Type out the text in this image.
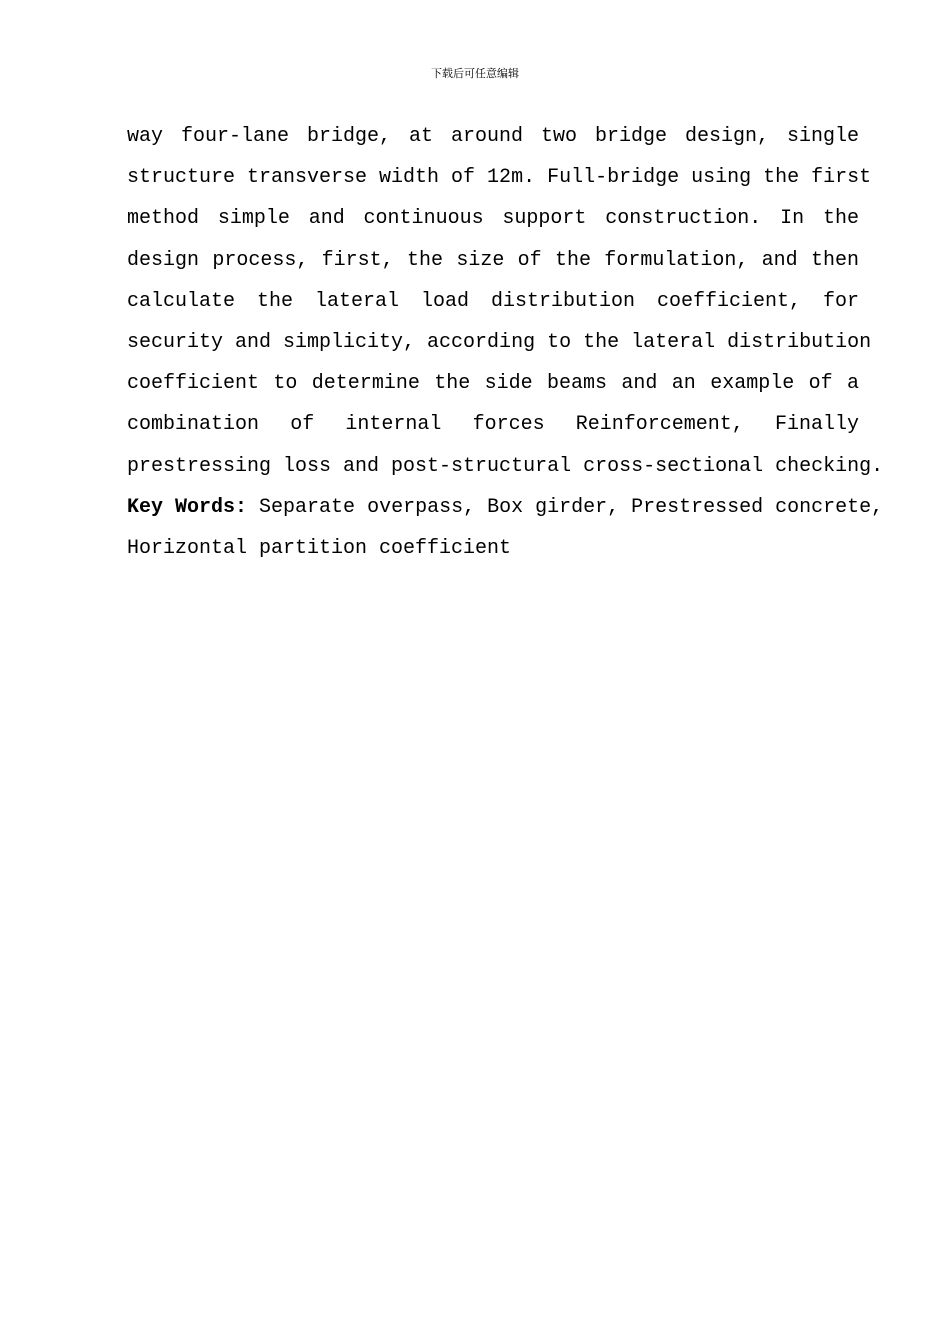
下载后可任意编辑
way four-lane bridge, at around two bridge design, single
structure transverse width of 12m. Full-bridge using the first
method simple and continuous support construction. In the
design process, first, the size of the formulation, and then
calculate the lateral load distribution coefficient, for
security and simplicity, according to the lateral distribution
coefficient to determine the side beams and an example of a
combination of internal forces Reinforcement, Finally
prestressing loss and post-structural cross-sectional checking.
Key Words: Separate overpass, Box girder, Prestressed concrete,
Horizontal partition coefficient
